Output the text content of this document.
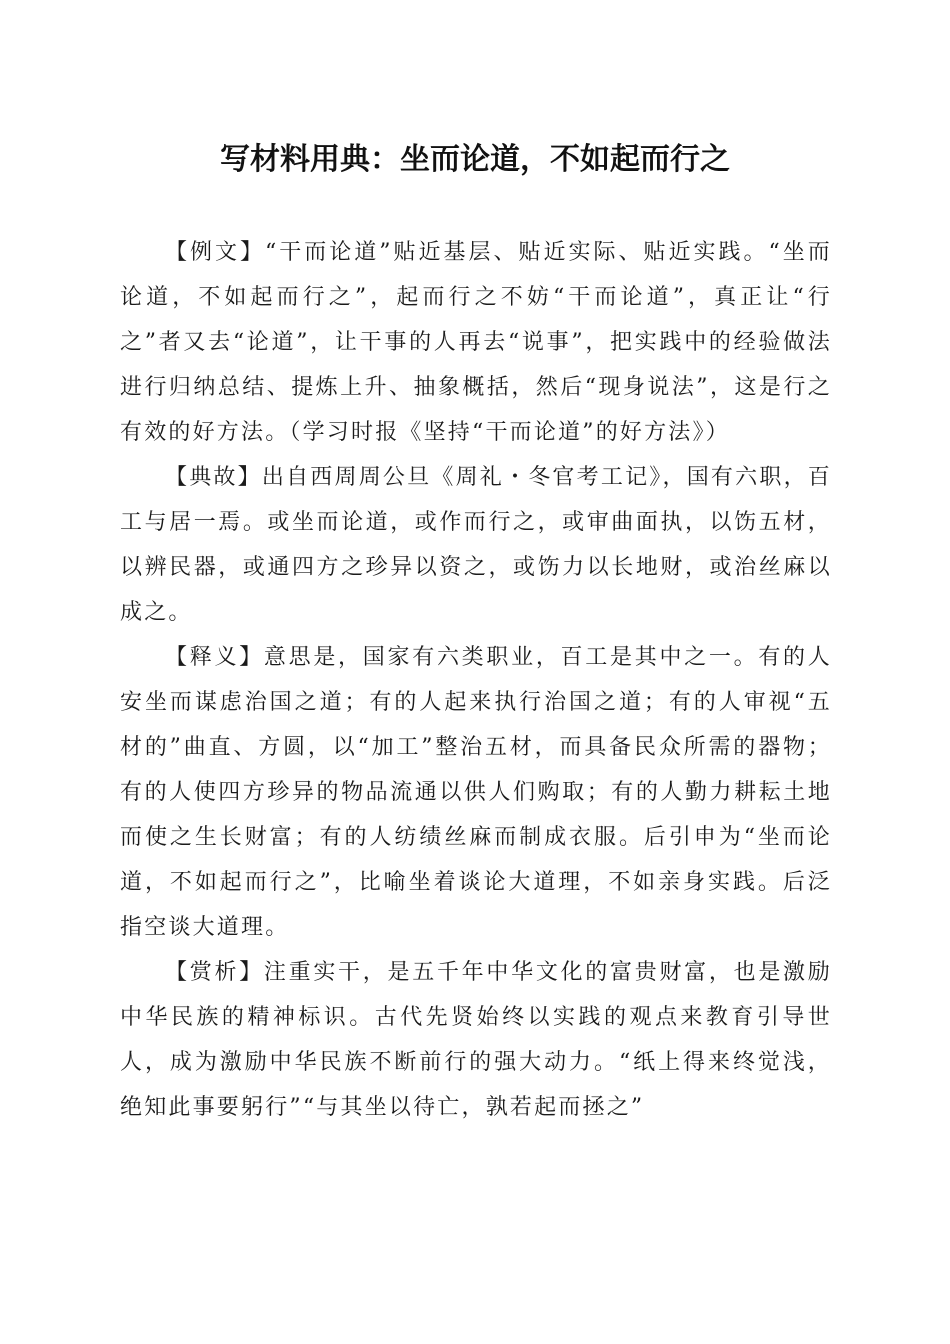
写材料用典：坐而论道，不如起而行之

【例文】“干而论道”贴近基层、贴近实际、贴近实践。“坐而论道，不如起而行之”，起而行之不妨“干而论道”，真正让“行之”者又去“论道”，让干事的人再去“说事”，把实践中的经验做法进行归纳总结、提炼上升、抽象概括，然后“现身说法”，这是行之有效的好方法。（学习时报《坚持“干而论道”的好方法》）

【典故】出自西周周公旦《周礼・冬官考工记》，国有六职，百工与居一焉。或坐而论道，或作而行之，或审曲面执，以饬五材，以辨民器，或通四方之珍异以资之，或饬力以长地财，或治丝麻以成之。

【释义】意思是，国家有六类职业，百工是其中之一。有的人安坐而谋虑治国之道；有的人起来执行治国之道；有的人审视“五材的”曲直、方圆，以“加工”整治五材，而具备民众所需的器物；有的人使四方珍异的物品流通以供人们购取；有的人勤力耕耘土地而使之生长财富；有的人纺绩丝麻而制成衣服。后引申为“坐而论道，不如起而行之”，比喻坐着谈论大道理，不如亲身实践。后泛指空谈大道理。

【赏析】注重实干，是五千年中华文化的富贵财富，也是激励中华民族的精神标识。古代先贤始终以实践的观点来教育引导世人，成为激励中华民族不断前行的强大动力。“纸上得来终觉浅，绝知此事要躬行”“与其坐以待亡，孰若起而拯之”
